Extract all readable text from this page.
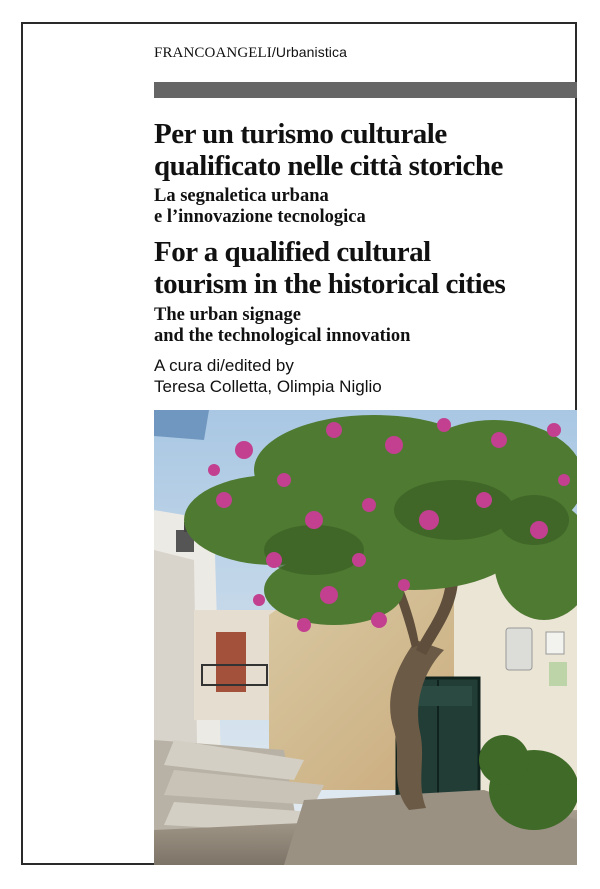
FRANCOANGELI/Urbanistica
Per un turismo culturale
qualificato nelle città storiche
La segnaletica urbana
e l’innovazione tecnologica
For a qualified cultural
tourism in the historical cities
The urban signage
and the technological innovation
A cura di/edited by
Teresa Colletta, Olimpia Niglio
